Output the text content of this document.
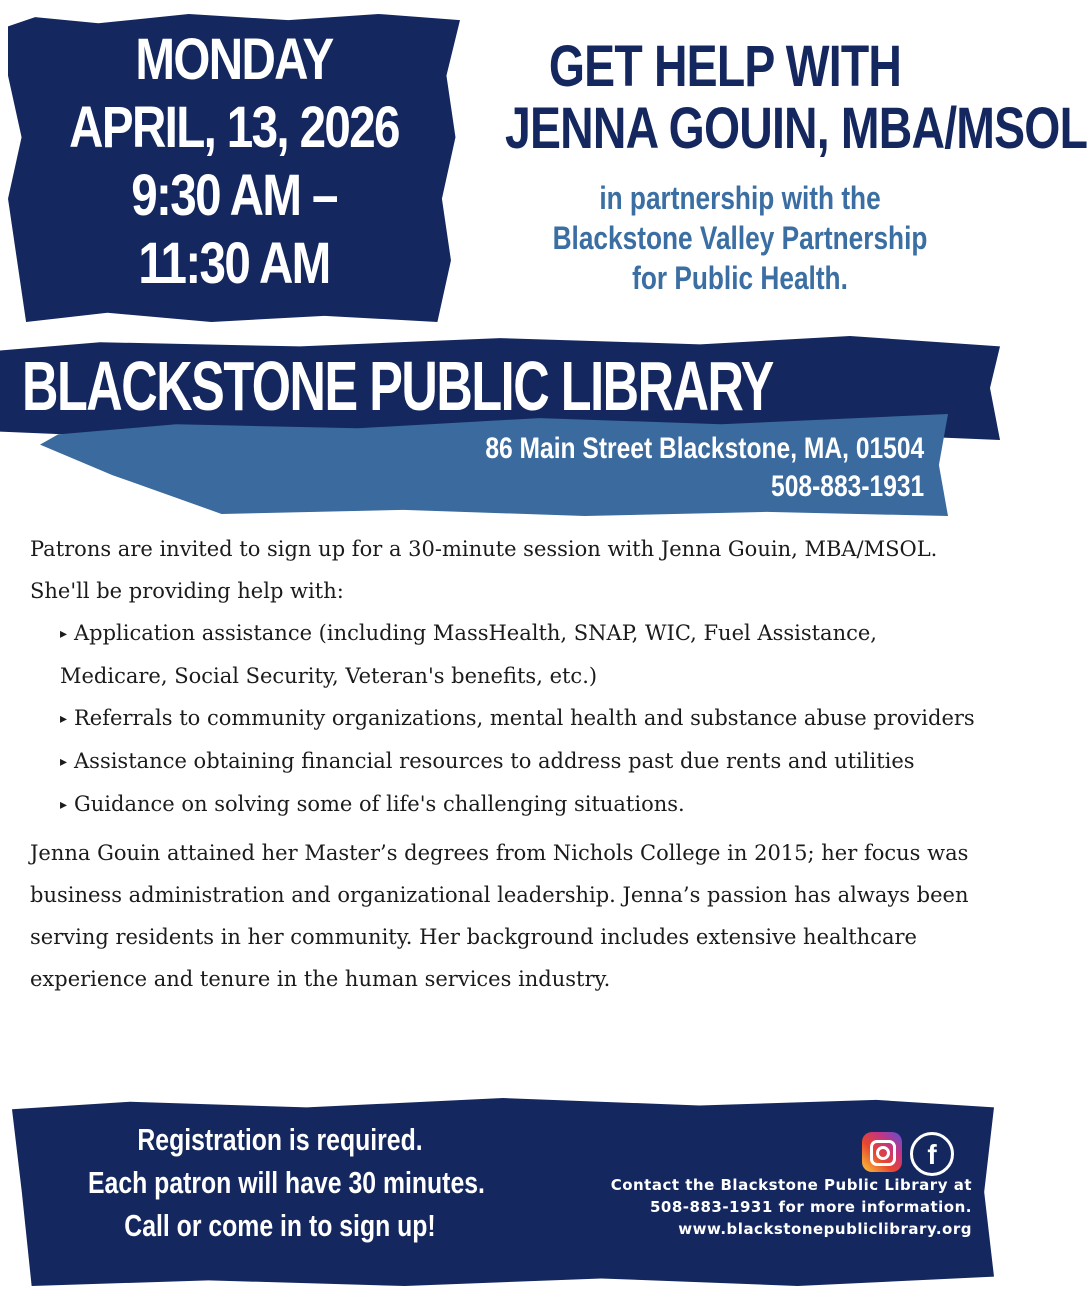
MONDAY
APRIL, 13, 2026
9:30 AM –
11:30 AM
GET HELP WITH
JENNA GOUIN, MBA/MSOL
in partnership with the
Blackstone Valley Partnership
for Public Health.
BLACKSTONE PUBLIC LIBRARY
86 Main Street Blackstone, MA, 01504
508-883-1931

Patrons are invited to sign up for a 30-minute session with Jenna Gouin, MBA/MSOL. She'll be providing help with:

▸ Application assistance (including MassHealth, SNAP, WIC, Fuel Assistance, Medicare, Social Security, Veteran's benefits, etc.)
▸ Referrals to community organizations, mental health and substance abuse providers
▸ Assistance obtaining financial resources to address past due rents and utilities
▸ Guidance on solving some of life's challenging situations.

Jenna Gouin attained her Master’s degrees from Nichols College in 2015; her focus was business administration and organizational leadership. Jenna’s passion has always been serving residents in her community. Her background includes extensive healthcare experience and tenure in the human services industry.

Registration is required.
Each patron will have 30 minutes.
Call or come in to sign up!
f
Contact the Blackstone Public Library at
508-883-1931 for more information.
www.blackstonepubliclibrary.org
